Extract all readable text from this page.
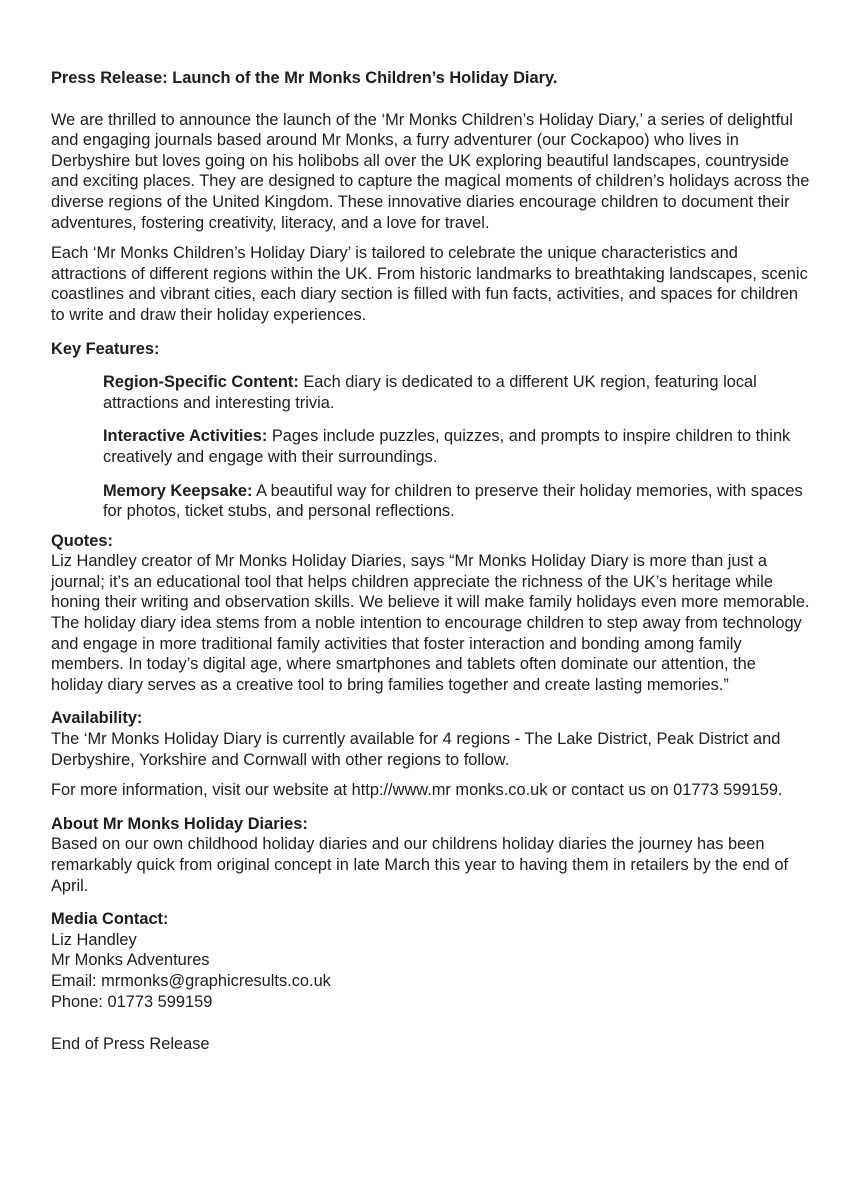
Press Release: Launch of the Mr Monks Children’s Holiday Diary.

We are thrilled to announce the launch of the ‘Mr Monks Children’s Holiday Diary,’ a series of delightful and engaging journals based around Mr Monks, a furry adventurer (our Cockapoo) who lives in Derbyshire but loves going on his holibobs all over the UK exploring beautiful landscapes, countryside and exciting places. They are designed to capture the magical moments of children’s holidays across the diverse regions of the United Kingdom. These innovative diaries encourage children to document their adventures, fostering creativity, literacy, and a love for travel.

Each ‘Mr Monks Children’s Holiday Diary’ is tailored to celebrate the unique characteristics and attractions of different regions within the UK. From historic landmarks to breathtaking landscapes, scenic coastlines and vibrant cities, each diary section is filled with fun facts, activities, and spaces for children to write and draw their holiday experiences.

Key Features:

Region-Specific Content: Each diary is dedicated to a different UK region, featuring local attractions and interesting trivia.
Interactive Activities: Pages include puzzles, quizzes, and prompts to inspire children to think creatively and engage with their surroundings.
Memory Keepsake: A beautiful way for children to preserve their holiday memories, with spaces for photos, ticket stubs, and personal reflections.

Quotes:

Liz Handley creator of Mr Monks Holiday Diaries, says “Mr Monks Holiday Diary is more than just a journal; it’s an educational tool that helps children appreciate the richness of the UK’s heritage while honing their writing and observation skills. We believe it will make family holidays even more memorable. The holiday diary idea stems from a noble intention to encourage children to step away from technology and engage in more traditional family activities that foster interaction and bonding among family members. In today’s digital age, where smartphones and tablets often dominate our attention, the holiday diary serves as a creative tool to bring families together and create lasting memories.”

Availability:

The ‘Mr Monks Holiday Diary is currently available for 4 regions - The Lake District, Peak District and Derbyshire, Yorkshire and Cornwall with other regions to follow.

For more information, visit our website at http://www.mr monks.co.uk or contact us on 01773 599159.

About Mr Monks Holiday Diaries:

Based on our own childhood holiday diaries and our childrens holiday diaries the journey has been remarkably quick from original concept in late March this year to having them in retailers by the end of April.

Media Contact:

Liz Handley

Mr Monks Adventures

Email: mrmonks@graphicresults.co.uk

Phone: 01773 599159

End of Press Release
